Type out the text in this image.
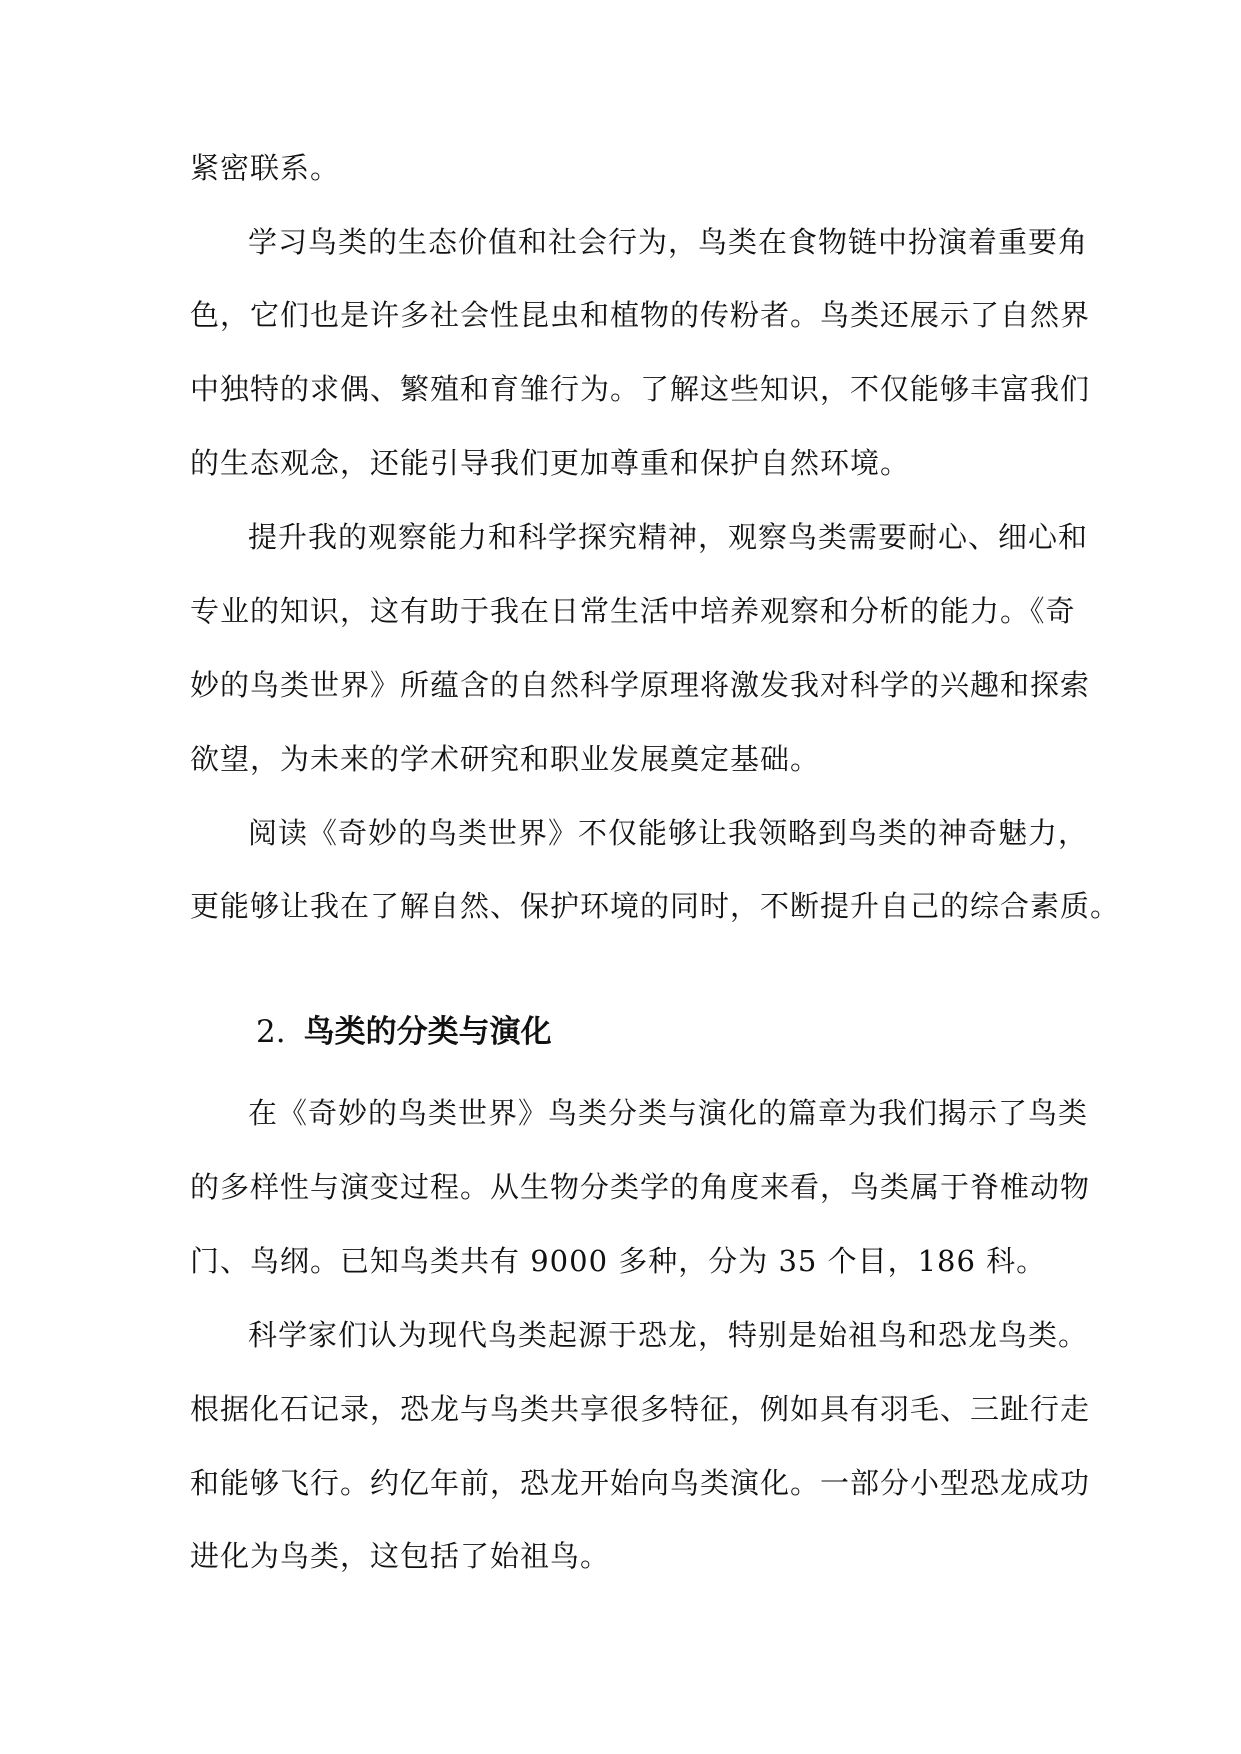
紧密联系。
学习鸟类的生态价值和社会行为，鸟类在食物链中扮演着重要角
色，它们也是许多社会性昆虫和植物的传粉者。鸟类还展示了自然界
中独特的求偶、繁殖和育雏行为。了解这些知识，不仅能够丰富我们
的生态观念，还能引导我们更加尊重和保护自然环境。
提升我的观察能力和科学探究精神，观察鸟类需要耐心、细心和
专业的知识，这有助于我在日常生活中培养观察和分析的能力。《奇
妙的鸟类世界》所蕴含的自然科学原理将激发我对科学的兴趣和探索
欲望，为未来的学术研究和职业发展奠定基础。
阅读《奇妙的鸟类世界》不仅能够让我领略到鸟类的神奇魅力，
更能够让我在了解自然、保护环境的同时，不断提升自己的综合素质。
2. 鸟类的分类与演化
在《奇妙的鸟类世界》鸟类分类与演化的篇章为我们揭示了鸟类
的多样性与演变过程。从生物分类学的角度来看，鸟类属于脊椎动物
门、鸟纲。已知鸟类共有 9000 多种，分为 35 个目，186 科。
科学家们认为现代鸟类起源于恐龙，特别是始祖鸟和恐龙鸟类。
根据化石记录，恐龙与鸟类共享很多特征，例如具有羽毛、三趾行走
和能够飞行。约亿年前，恐龙开始向鸟类演化。一部分小型恐龙成功
进化为鸟类，这包括了始祖鸟。
